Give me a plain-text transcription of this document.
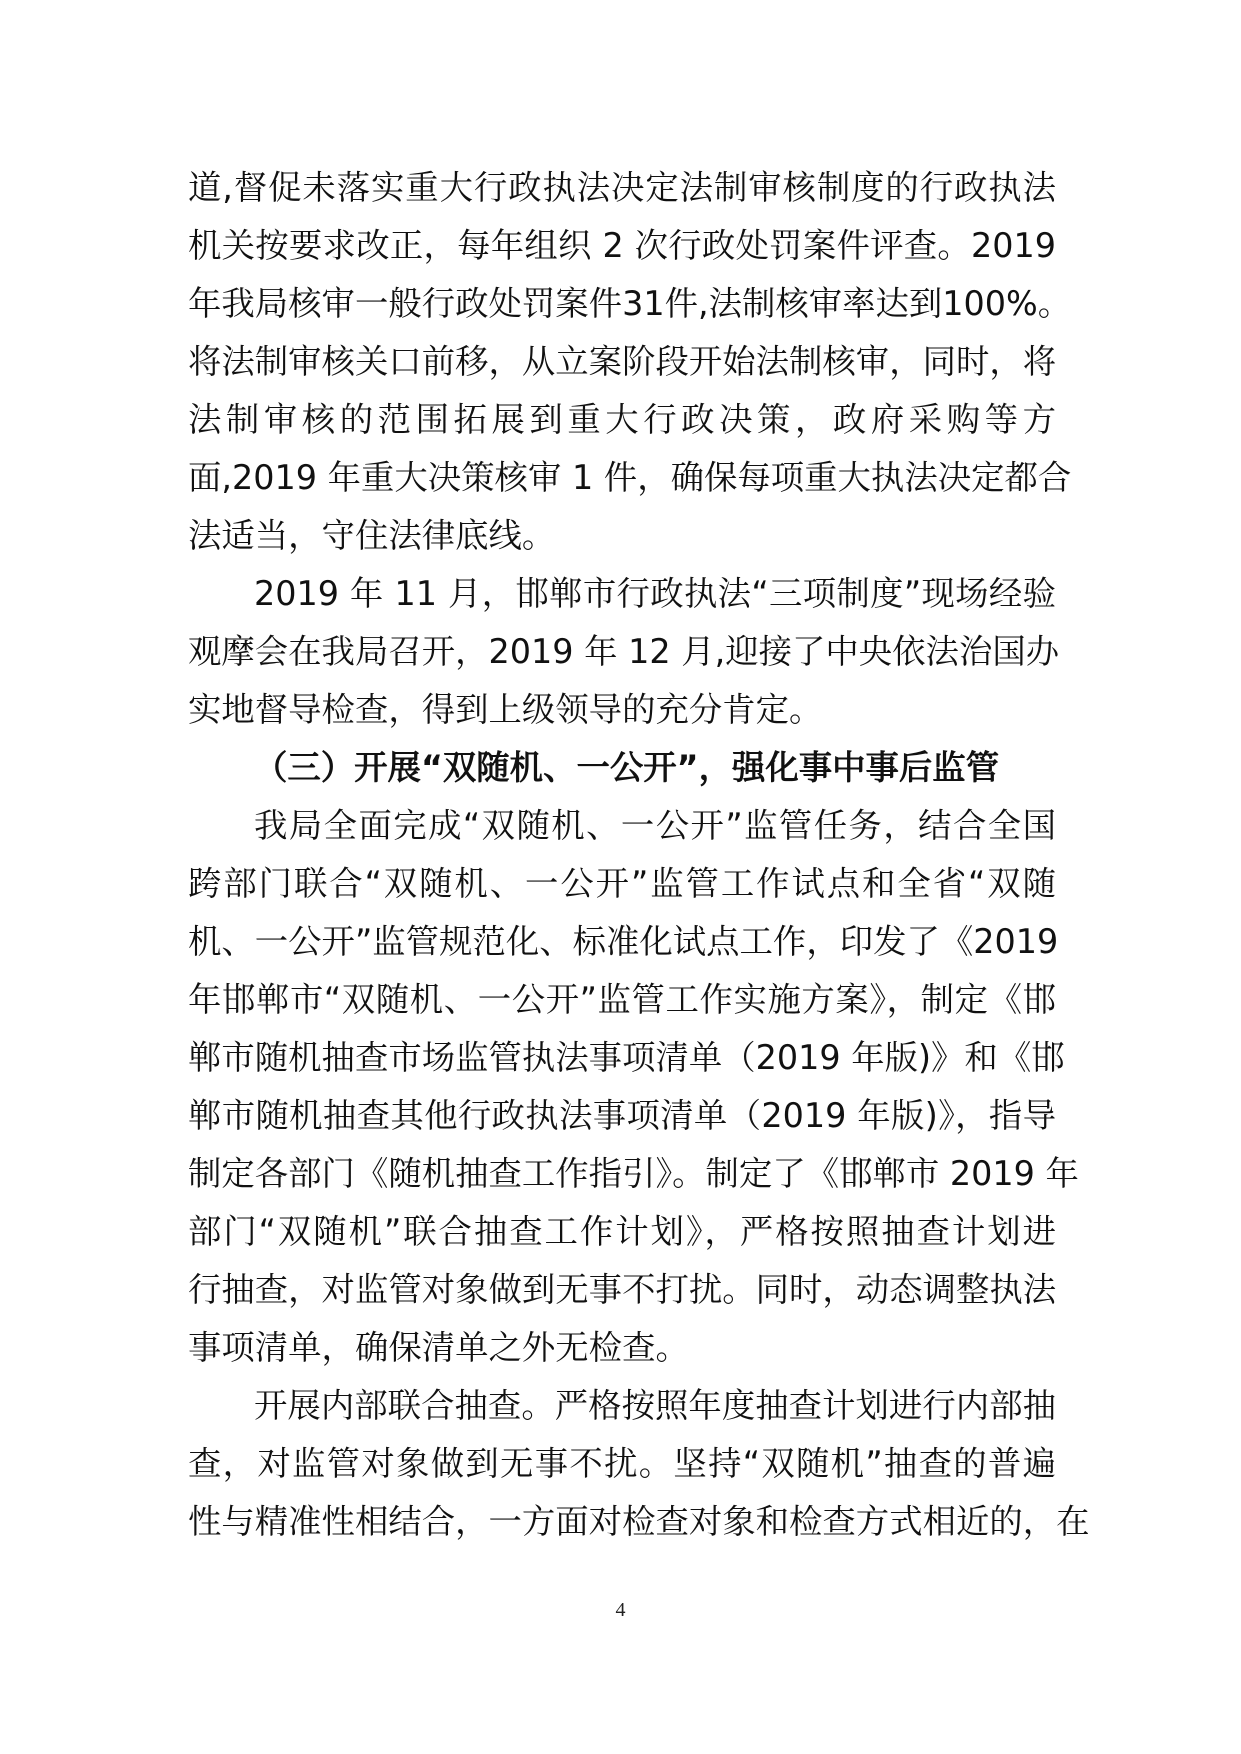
道,督促未落实重大行政执法决定法制审核制度的行政执法
机关按要求改正，每年组织 2 次行政处罚案件评查。2019
年我局核审一般行政处罚案件31件,法制核审率达到100%。
将法制审核关口前移，从立案阶段开始法制核审，同时，将
法制审核的范围拓展到重大行政决策，政府采购等方
面,2019 年重大决策核审 1 件，确保每项重大执法决定都合
法适当，守住法律底线。
2019 年 11 月，邯郸市行政执法“三项制度”现场经验
观摩会在我局召开，2019 年 12 月,迎接了中央依法治国办
实地督导检查，得到上级领导的充分肯定。
（三）开展“双随机、一公开”，强化事中事后监管
我局全面完成“双随机、一公开”监管任务，结合全国
跨部门联合“双随机、一公开”监管工作试点和全省“双随
机、一公开”监管规范化、标准化试点工作，印发了《2019
年邯郸市“双随机、一公开”监管工作实施方案》，制定《邯
郸市随机抽查市场监管执法事项清单（2019 年版)》和《邯
郸市随机抽查其他行政执法事项清单（2019 年版)》，指导
制定各部门《随机抽查工作指引》。制定了《邯郸市 2019 年
部门“双随机”联合抽查工作计划》，严格按照抽查计划进
行抽查，对监管对象做到无事不打扰。同时，动态调整执法
事项清单，确保清单之外无检查。
开展内部联合抽查。严格按照年度抽查计划进行内部抽
查，对监管对象做到无事不扰。坚持“双随机”抽查的普遍
性与精准性相结合，一方面对检查对象和检查方式相近的，在
4
